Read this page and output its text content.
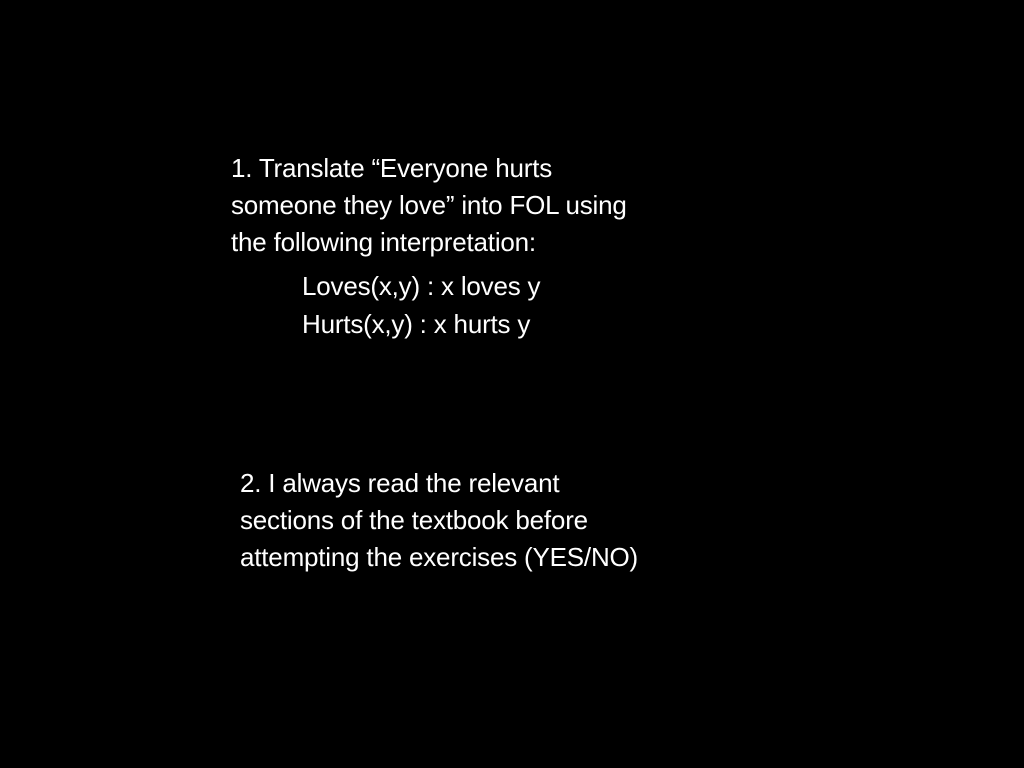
1. Translate “Everyone hurts
someone they love” into FOL using
the following interpretation:
Loves(x,y) : x loves y
Hurts(x,y) : x hurts y
2. I always read the relevant
sections of the textbook before
attempting the exercises (YES/NO)
